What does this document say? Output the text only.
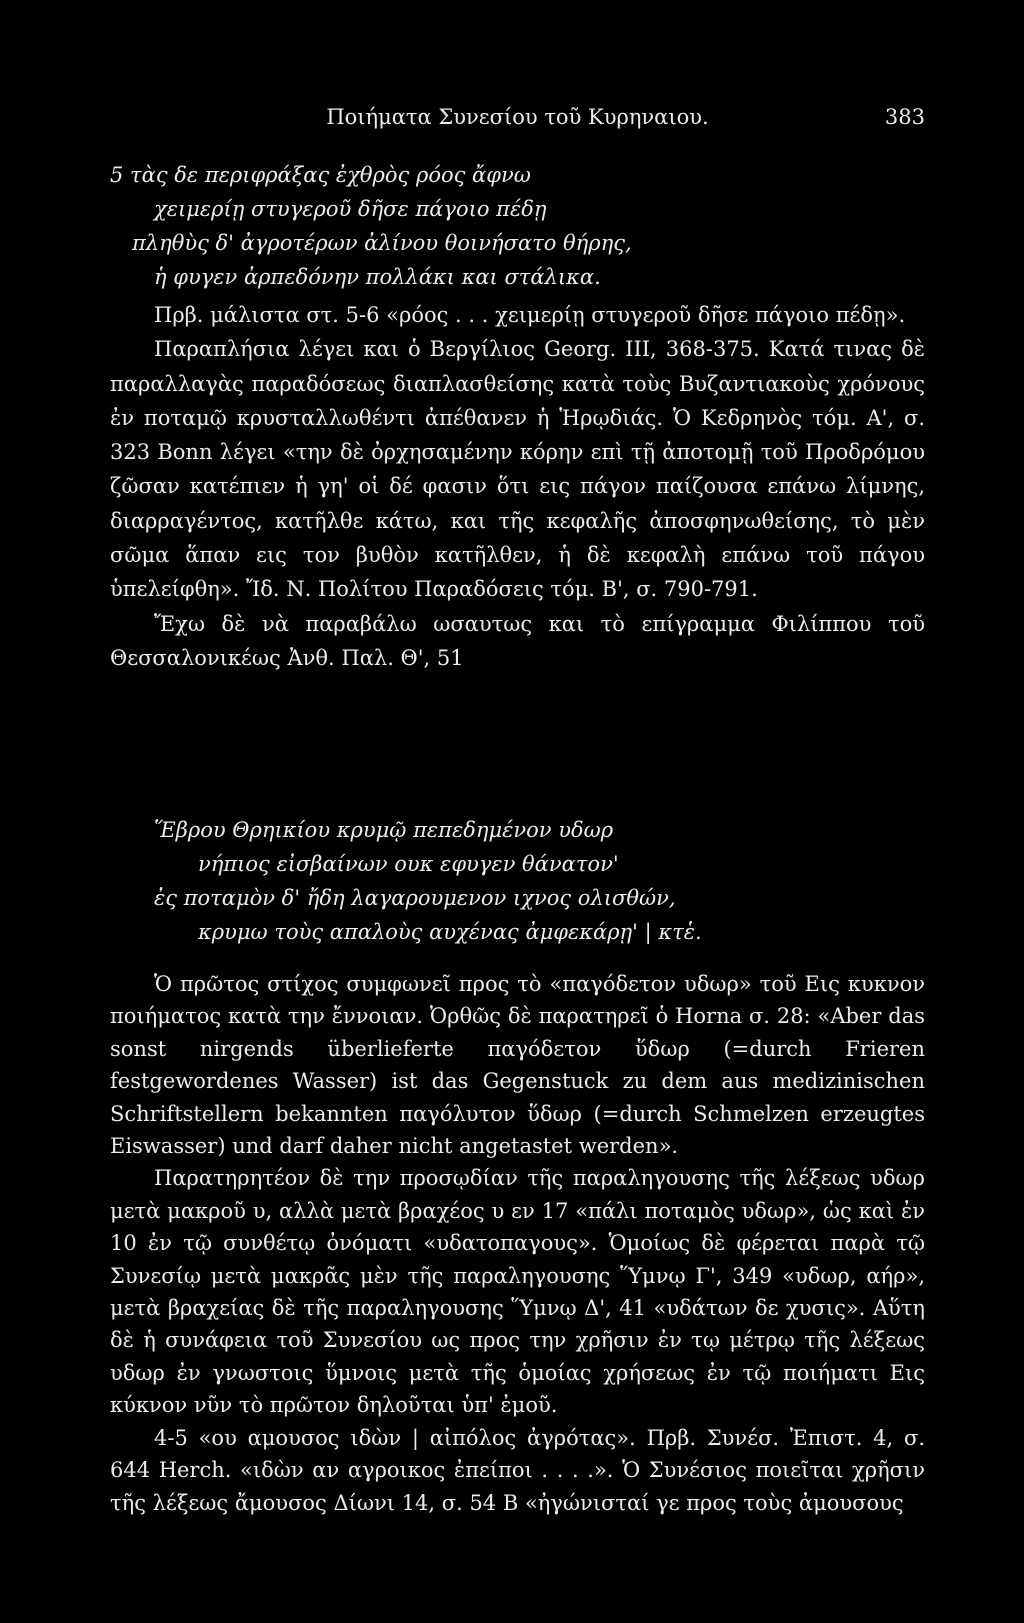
Ποιήματα Συνεσίου τοῦ Κυρηναιου.	383
5 τὰς δε περιφράξας ἐχθρὸς ρόος ἄφνω
χειμερίῃ στυγεροῦ δῆσε πάγοιο πέδῃ
πληθὺς δ' ἀγροτέρων ἀλίνου θοινήσατο θήρης,
ἡ φυγεν ἀρπεδόνην πολλάκι και στάλικα.

Πρβ. μάλιστα στ. 5-6 «ρόος . . . χειμερίῃ στυγεροῦ δῆσε πάγοιο πέδῃ».

Παραπλήσια λέγει και ὁ Βεργίλιος Georg. III, 368-375. Κατά τινας δὲ παραλλαγὰς παραδόσεως διαπλασθείσης κατὰ τοὺς Βυζαντιακοὺς χρόνους ἐν ποταμῷ κρυσταλλωθέντι ἀπέθανεν ἡ Ἡρῳδιάς. Ὁ Κεδρηνὸς τόμ. Α', σ. 323 Bonn λέγει «την δὲ ὀρχησαμένην κόρην επὶ τῇ ἀποτομῇ τοῦ Προδρόμου ζῶσαν κατέπιεν ἡ γη' οἱ δέ φασιν ὅτι εις πάγον παίζουσα επάνω λίμνης, διαρραγέντος, κατῆλθε κάτω, και τῆς κεφαλῆς ἀποσφηνωθείσης, τὸ μὲν σῶμα ἅπαν εις τον βυθὸν κατῆλθεν, ἡ δὲ κεφαλὴ επάνω τοῦ πάγου ὑπελείφθη». Ἴδ. Ν. Πολίτου Παραδόσεις τόμ. Β', σ. 790-791.

Ἔχω δὲ νὰ παραβάλω ωσαυτως και τὸ επίγραμμα Φιλίππου τοῦ Θεσσαλονικέως Ἀνθ. Παλ. Θ', 51

Ἕβρου Θρηικίου κρυμῷ πεπεδημένον υδωρ
νήπιος εἰσβαίνων ουκ εφυγεν θάνατον'
ἐς ποταμὸν δ' ἤδη λαγαρουμενον ιχνος ολισθών,
κρυμω τοὺς απαλοὺς αυχένας ἀμφεκάρῃ' | κτἑ.

Ὁ πρῶτος στίχος συμφωνεῖ προς τὸ «παγόδετον υδωρ» τοῦ Εις κυκνον ποιήματος κατὰ την ἔννοιαν. Ὀρθῶς δὲ παρατηρεῖ ὁ Horna σ. 28: «Aber das sonst nirgends überlieferte παγόδετον ὕδωρ (=durch Frieren festgewordenes Wasser) ist das Gegenstuck zu dem aus medizinischen Schriftstellern bekannten παγόλυτον ὕδωρ (=durch Schmelzen erzeugtes Eiswasser) und darf daher nicht angetastet werden».

Παρατηρητέον δὲ την προσῳδίαν τῆς παραληγουσης τῆς λέξεως υδωρ μετὰ μακροῦ υ, αλλὰ μετὰ βραχέος υ εν 17 «πάλι ποταμὸς υδωρ», ὡς καὶ ἐν 10 ἐν τῷ συνθέτῳ ὀνόματι «υδατοπαγους». Ὁμοίως δὲ φέρεται παρὰ τῷ Συνεσίῳ μετὰ μακρᾶς μὲν τῆς παραληγουσης Ὕμνῳ Γ', 349 «υδωρ, αήρ», μετὰ βραχείας δὲ τῆς παραληγουσης Ὕμνῳ Δ', 41 «υδάτων δε χυσις». Αὕτη δὲ ἡ συνάφεια τοῦ Συνεσίου ως προς την χρῆσιν ἐν τῳ μέτρῳ τῆς λέξεως υδωρ ἐν γνωστοις ὕμνοις μετὰ τῆς ὁμοίας χρήσεως ἐν τῷ ποιήματι Εις κύκνον νῦν τὸ πρῶτον δηλοῦται ὑπ' ἐμοῦ.

4-5 «ου αμουσος ιδὼν | αἰπόλος ἀγρότας». Πρβ. Συνέσ. Ἐπιστ. 4, σ. 644 Herch. «ιδὼν αν αγροικος ἐπείποι . . . .». Ὁ Συνέσιος ποιεῖται χρῆσιν τῆς λέξεως ἄμουσος Δίωνι 14, σ. 54 Β «ἠγώνισταί γε προς τοὺς ἀμουσους
